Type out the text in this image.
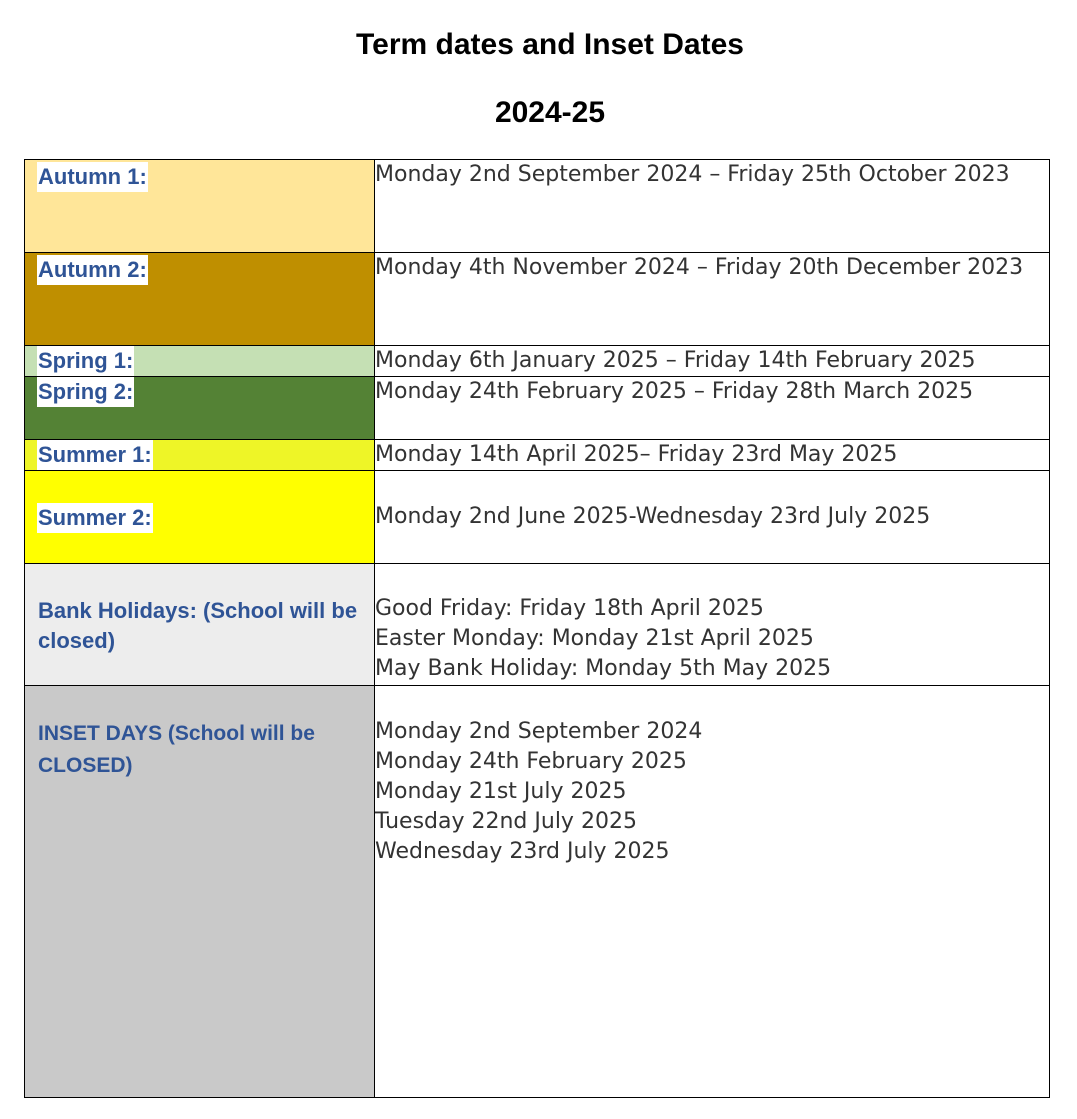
Term dates and Inset Dates
2024-25
Autumn 1:	Monday 2nd September 2024 – Friday 25th October 2023

Autumn 2:	Monday 4th November 2024 – Friday 20th December 2023

Spring 1:	Monday 6th January 2025 – Friday 14th February 2025

Spring 2:	Monday 24th February 2025 – Friday 28th March 2025

Summer 1:	Monday 14th April 2025– Friday 23rd May 2025

Summer 2:	Monday 2nd June 2025-Wednesday 23rd July 2025

Bank Holidays: (School will be closed)	Good Friday: Friday 18th April 2025
Easter Monday: Monday 21st April 2025
May Bank Holiday: Monday 5th May 2025

INSET DAYS (School will be CLOSED)	Monday 2nd September 2024
Monday 24th February 2025
Monday 21st July 2025
Tuesday 22nd July 2025
Wednesday 23rd July 2025
